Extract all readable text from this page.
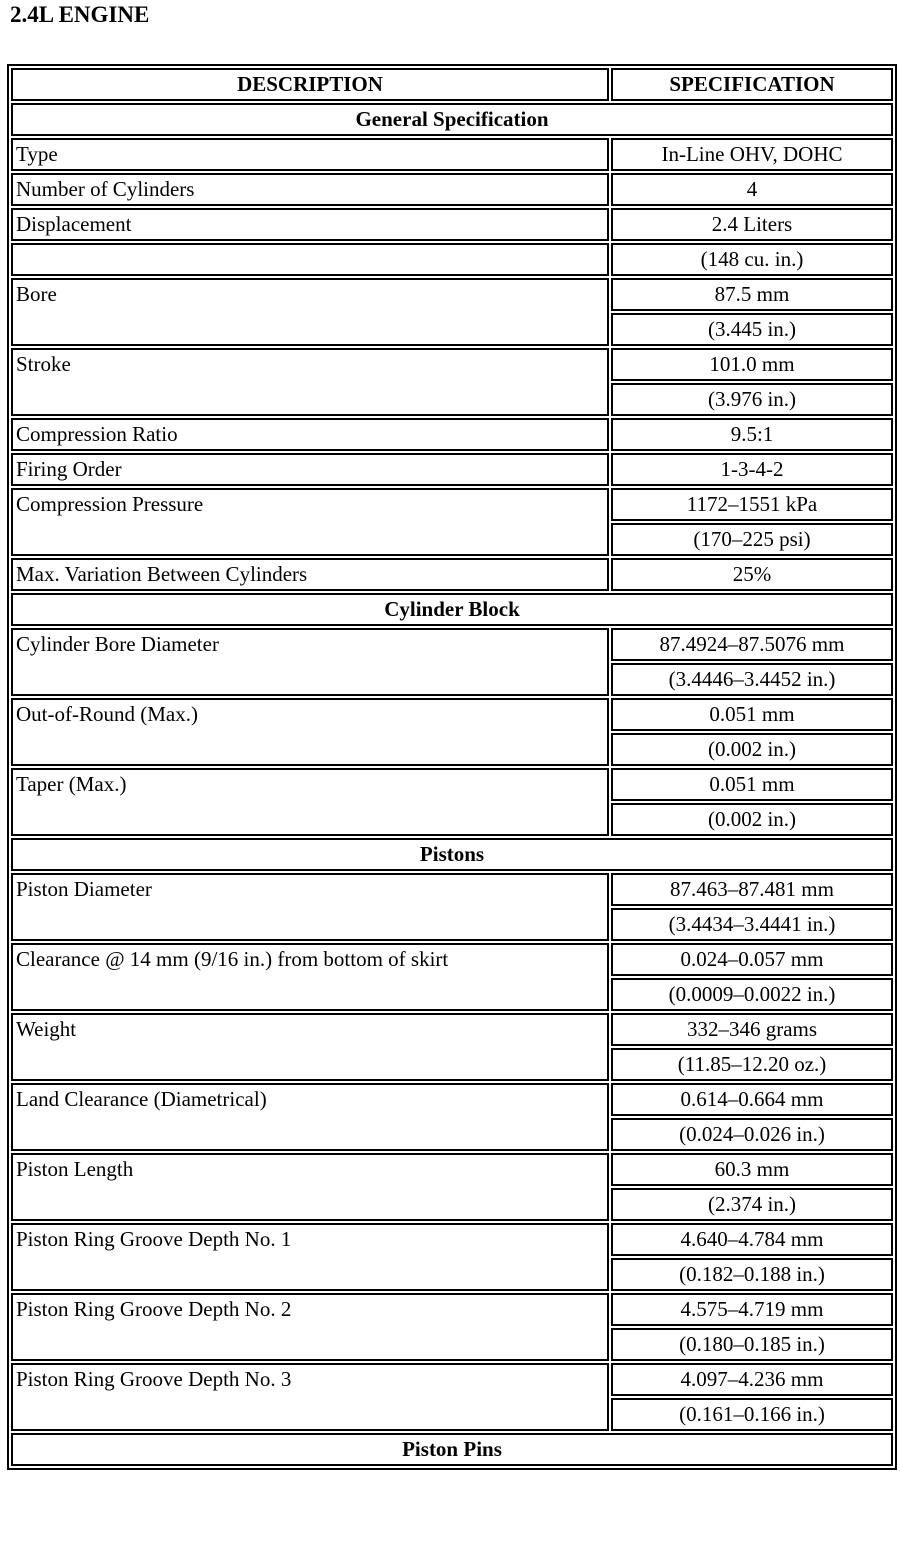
2.4L ENGINE
DESCRIPTION	SPECIFICATION
General Specification	
Type	In-Line OHV, DOHC
Number of Cylinders	4
Displacement	2.4 Liters
	(148 cu. in.)
Bore	87.5 mm
	(3.445 in.)
Stroke	101.0 mm
	(3.976 in.)
Compression Ratio	9.5:1
Firing Order	1-3-4-2
Compression Pressure	1172–1551 kPa
	(170–225 psi)
Max. Variation Between Cylinders	25%
Cylinder Block	
Cylinder Bore Diameter	87.4924–87.5076 mm
	(3.4446–3.4452 in.)
Out-of-Round (Max.)	0.051 mm
	(0.002 in.)
Taper (Max.)	0.051 mm
	(0.002 in.)
Pistons	
Piston Diameter	87.463–87.481 mm
	(3.4434–3.4441 in.)
Clearance @ 14 mm (9/16 in.) from bottom of skirt	0.024–0.057 mm
	(0.0009–0.0022 in.)
Weight	332–346 grams
	(11.85–12.20 oz.)
Land Clearance (Diametrical)	0.614–0.664 mm
	(0.024–0.026 in.)
Piston Length	60.3 mm
	(2.374 in.)
Piston Ring Groove Depth No. 1	4.640–4.784 mm
	(0.182–0.188 in.)
Piston Ring Groove Depth No. 2	4.575–4.719 mm
	(0.180–0.185 in.)
Piston Ring Groove Depth No. 3	4.097–4.236 mm
	(0.161–0.166 in.)
Piston Pins	
